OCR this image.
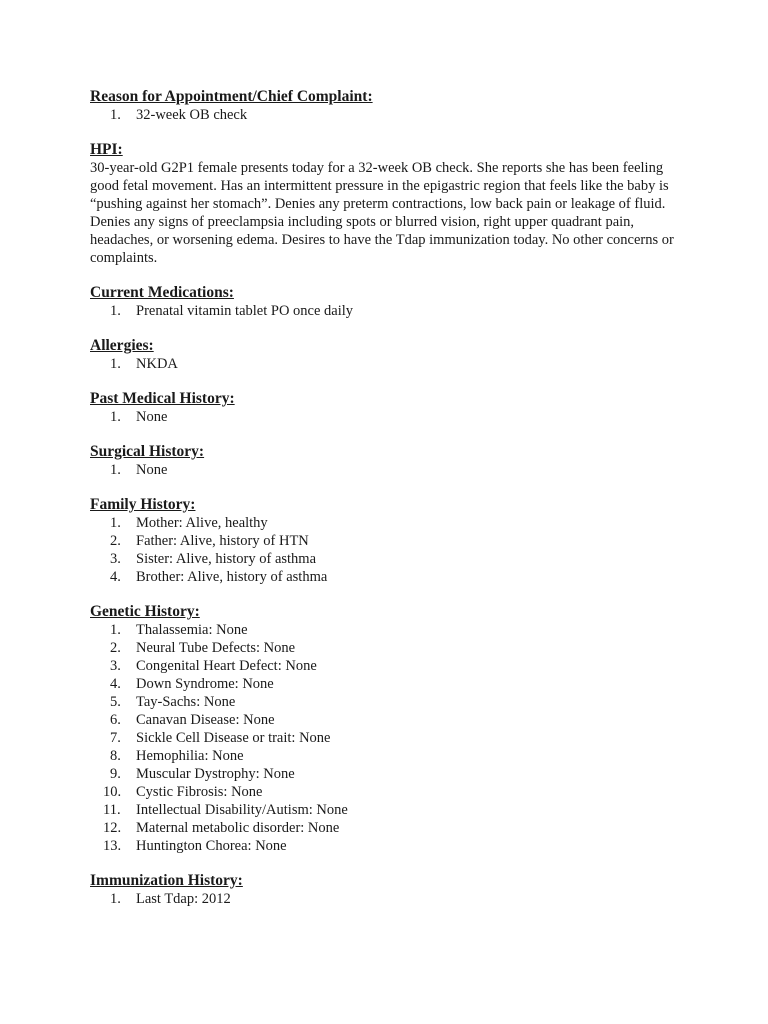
Reason for Appointment/Chief Complaint:
1.	32-week OB check
HPI:

30-year-old G2P1 female presents today for a 32-week OB check. She reports she has been feeling good fetal movement. Has an intermittent pressure in the epigastric region that feels like the baby is “pushing against her stomach”. Denies any preterm contractions, low back pain or leakage of fluid. Denies any signs of preeclampsia including spots or blurred vision, right upper quadrant pain, headaches, or worsening edema. Desires to have the Tdap immunization today. No other concerns or complaints.

Current Medications:
1.	Prenatal vitamin tablet PO once daily
Allergies:
1.	NKDA
Past Medical History:
1.	None
Surgical History:
1.	None
Family History:
1.	Mother: Alive, healthy
2.	Father: Alive, history of HTN
3.	Sister: Alive, history of asthma
4.	Brother: Alive, history of asthma
Genetic History:
1.	Thalassemia: None
2.	Neural Tube Defects: None
3.	Congenital Heart Defect: None
4.	Down Syndrome: None
5.	Tay-Sachs: None
6.	Canavan Disease: None
7.	Sickle Cell Disease or trait: None
8.	Hemophilia: None
9.	Muscular Dystrophy: None
10. Cystic Fibrosis: None
11.	Intellectual Disability/Autism: None
12. Maternal metabolic disorder: None
13. Huntington Chorea: None
Immunization History:
1.	Last Tdap: 2012
